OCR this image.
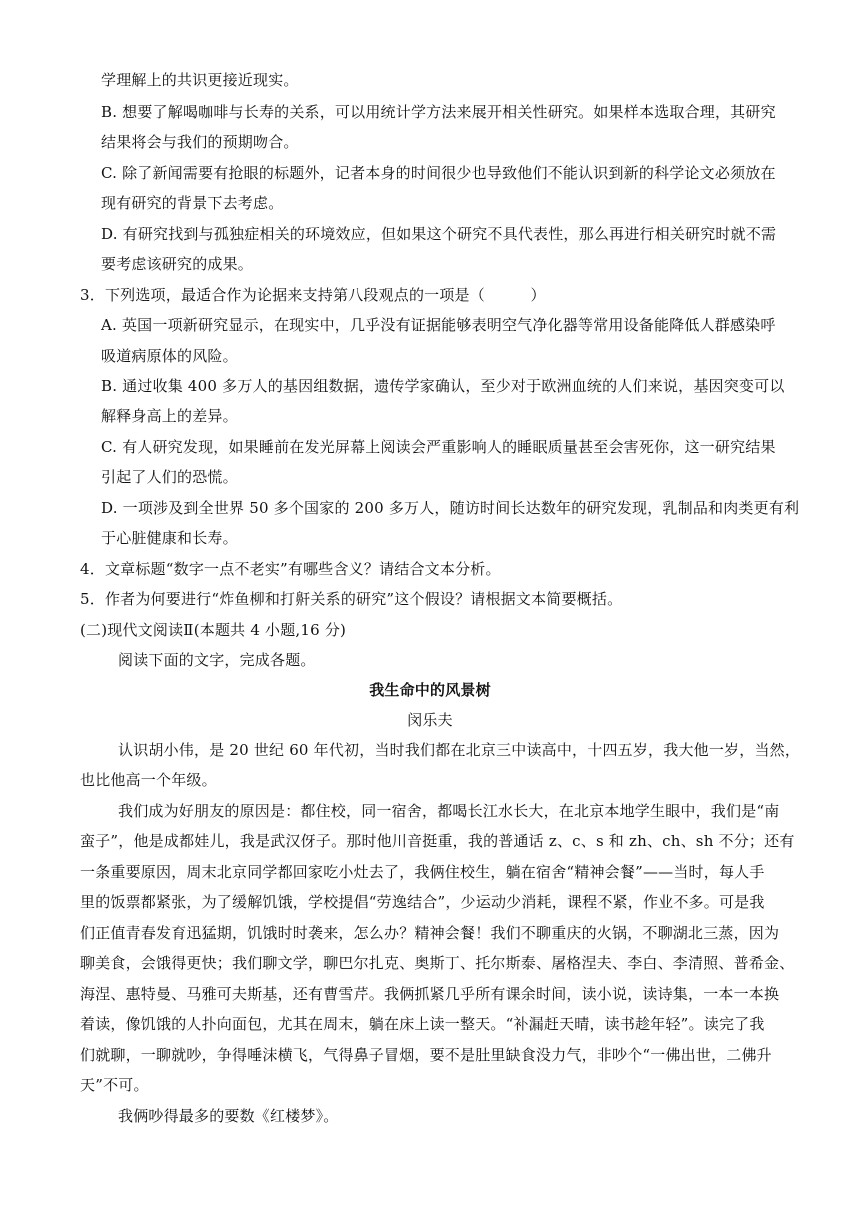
学理解上的共识更接近现实。
B. 想要了解喝咖啡与长寿的关系，可以用统计学方法来展开相关性研究。如果样本选取合理，其研究
结果将会与我们的预期吻合。
C. 除了新闻需要有抢眼的标题外，记者本身的时间很少也导致他们不能认识到新的科学论文必须放在
现有研究的背景下去考虑。
D. 有研究找到与孤独症相关的环境效应，但如果这个研究不具代表性，那么再进行相关研究时就不需
要考虑该研究的成果。
3．下列选项，最适合作为论据来支持第八段观点的一项是（　　　）
A. 英国一项新研究显示，在现实中，几乎没有证据能够表明空气净化器等常用设备能降低人群感染呼
吸道病原体的风险。
B. 通过收集 400 多万人的基因组数据，遗传学家确认，至少对于欧洲血统的人们来说，基因突变可以
解释身高上的差异。
C. 有人研究发现，如果睡前在发光屏幕上阅读会严重影响人的睡眠质量甚至会害死你，这一研究结果
引起了人们的恐慌。
D. 一项涉及到全世界 50 多个国家的 200 多万人，随访时间长达数年的研究发现，乳制品和肉类更有利
于心脏健康和长寿。
4．文章标题“数字一点不老实”有哪些含义？请结合文本分析。
5．作者为何要进行“炸鱼柳和打鼾关系的研究”这个假设？请根据文本简要概括。
(二)现代文阅读Ⅱ(本题共 4 小题,16 分)
阅读下面的文字，完成各题。
我生命中的风景树
闵乐夫
认识胡小伟，是 20 世纪 60 年代初，当时我们都在北京三中读高中，十四五岁，我大他一岁，当然，
也比他高一个年级。
我们成为好朋友的原因是：都住校，同一宿舍，都喝长江水长大，在北京本地学生眼中，我们是“南
蛮子”，他是成都娃儿，我是武汉伢子。那时他川音挺重，我的普通话 z、c、s 和 zh、ch、sh 不分；还有
一条重要原因，周末北京同学都回家吃小灶去了，我俩住校生，躺在宿舍“精神会餐”——当时，每人手
里的饭票都紧张，为了缓解饥饿，学校提倡“劳逸结合”，少运动少消耗，课程不紧，作业不多。可是我
们正值青春发育迅猛期，饥饿时时袭来，怎么办？精神会餐！我们不聊重庆的火锅，不聊湖北三蒸，因为
聊美食，会饿得更快；我们聊文学，聊巴尔扎克、奥斯丁、托尔斯泰、屠格涅夫、李白、李清照、普希金、
海涅、惠特曼、马雅可夫斯基，还有曹雪芹。我俩抓紧几乎所有课余时间，读小说，读诗集，一本一本换
着读，像饥饿的人扑向面包，尤其在周末，躺在床上读一整天。“补漏赶天晴，读书趁年轻”。读完了我
们就聊，一聊就吵，争得唾沫横飞，气得鼻子冒烟，要不是肚里缺食没力气，非吵个“一佛出世，二佛升
天”不可。
我俩吵得最多的要数《红楼梦》。
